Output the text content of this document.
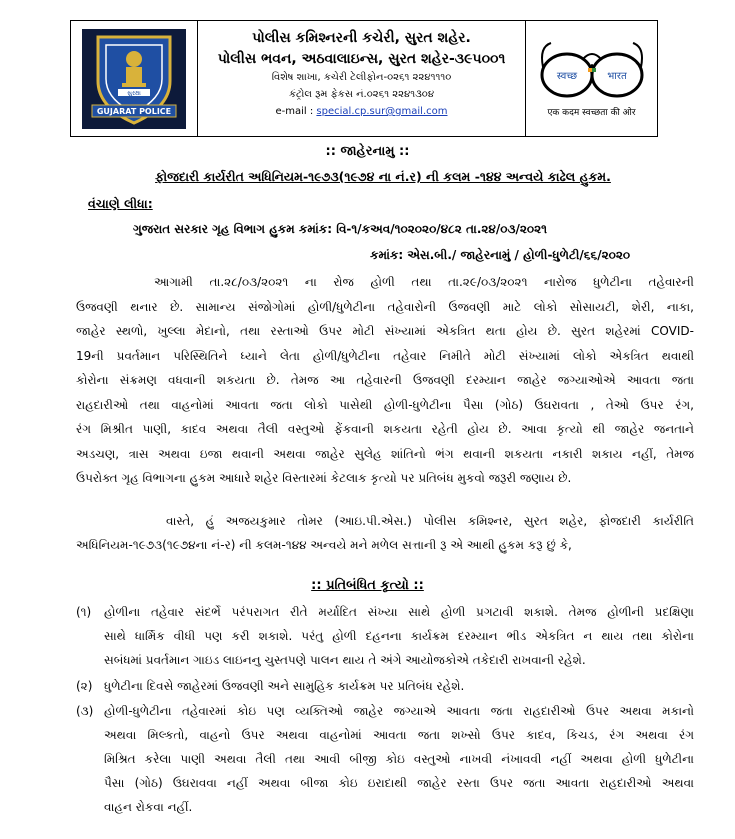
સુરક્ષા
GUJARAT POLICE
પોલીસ કમિશ્નરની કચેરી, સુરત શહેર.
પોલીસ ભવન, અઠવાલાઇન્સ, સુરત શહેર-૩૯૫૦૦૧
વિશેષ શાખા, કચેરી ટેલીફોન-૦૨૬૧ ૨૨૪૧૧૧૦
કંટ્રોલ રૂમ ફેકસ નં.૦૨૬૧ ૨૨૪૧૩૦૪
e-mail : special.cp.sur@gmail.com
स्वच्छ	भारत
एक कदम स्वच्छता की ओर
:: જાહેરનામુ ::
ફોજદારી કાર્યરીત અધિનિયમ-૧૯૭૩(૧૯૭૪ ના નં.ર) ની કલમ -૧૪૪ અન્વયે કાઢેલ હુકમ.
વંચાણે લીધા:
ગુજરાત સરકાર ગૃહ વિભાગ હુકમ કમાંક: વિ-૧/કઅવ/૧૦૨૦૨૦/૪૮૨ તા.૨૪/૦૩/૨૦૨૧
કમાંક: એસ.બી./ જાહેરનામું / હોળી-ધુળેટી/૬૬/૨૦૨૦
આગામી તા.૨૮/૦૩/૨૦૨૧ ના રોજ હોળી તથા તા.૨૯/૦૩/૨૦૨૧ નારોજ ધુળેટીના તહેવારની
ઉજવણી થનાર છે. સામાન્ય સંજોગોમાં હોળી/ધુળેટીના તહેવારોની ઉજવણી માટે લોકો સોસાયટી, શેરી, નાકા,
જાહેર સ્થળો, ખુલ્લા મેદાનો, તથા રસ્તાઓ ઉપર મોટી સંખ્યામાં એકત્રિત થતા હોય છે. સુરત શહેરમાં COVID-
19ની પ્રવર્તમાન પરિસ્થિતિને ધ્યાને લેતા હોળી/ધુળેટીના તહેવાર નિમીતે મોટી સંખ્યામાં લોકો એકત્રિત થવાથી
કોરોના સંક્રમણ વધવાની શકયતા છે. તેમજ આ તહેવારની ઉજવણી દરમ્યાન જાહેર જગ્યાઓએ આવતા જતા
રાહદારીઓ તથા વાહનોમાં આવતા જતા લોકો પાસેથી હોળી-ધુળેટીના પૈસા (ગોઠ) ઉઘરાવતા , તેઓ ઉપર રંગ,
રંગ મિશ્રીત પાણી, કાદવ અથવા તૈલી વસ્તુઓ ફેંકવાની શકયતા રહેતી હોય છે. આવા કૃત્યો થી જાહેર જનતાને
અડચણ, ત્રાસ અથવા ઇજા થવાની અથવા જાહેર સુલેહ શાંતિનો ભંગ થવાની શકયતા નકારી શકાય નહીં, તેમજ
ઉપરોક્ત ગૃહ વિભાગના હુકમ આધારે શહેર વિસ્તારમાં કેટલાક કૃત્યો પર પ્રતિબંધ મુકવો જરૂરી જણાય છે.
વાસ્તે, હું અજયકુમાર તોમર (આઇ.પી.એસ.) પોલીસ કમિશ્નર, સુરત શહેર, ફોજદારી કાર્યરીતિ
અધિનિયમ-૧૯૭૩(૧૯૭૪ના નં-ર) ની કલમ-૧૪૪ અન્વયે મને મળેલ સત્તાની રૂ એ આથી હુકમ કરૂ છું કે,
:: પ્રતિબંધિત કૃત્યો ::
(૧) હોળીના તહેવાર સંદર્ભે પરંપરાગત રીતે મર્યાદિત સંખ્યા સાથે હોળી પ્રગટાવી શકાશે. તેમજ હોળીની પ્રદક્ષિણા
સાથે ધાર્મિક વીધી પણ કરી શકાશે. પરંતુ હોળી દહનના કાર્યક્રમ દરમ્યાન ભીડ એકત્રિત ન થાય તથા કોરોના
સબંધમાં પ્રવર્તમાન ગાઇડ લાઇનનુ ચુસ્તપણે પાલન થાય તે અંગે આયોજકોએ તકેદારી રાખવાની રહેશે.
(૨) ધુળેટીના દિવસે જાહેરમાં ઉજવણી અને સામુહિક કાર્યક્રમ પર પ્રતિબંધ રહેશે.
(૩) હોળી-ધુળેટીના તહેવારમાં કોઇ પણ વ્યક્તિઓ જાહેર જગ્યાએ આવતા જતા રાહદારીઓ ઉપર અથવા મકાનો
અથવા મિલ્કતો, વાહનો ઉપર અથવા વાહનોમાં આવતા જતા શખ્સો ઉપર કાદવ, કિચડ, રંગ અથવા રંગ
મિશ્રિત કરેલા પાણી અથવા તૈલી તથા આવી બીજી કોઇ વસ્તુઓ નાખવી નંખાવવી નહીં અથવા હોળી ધુળેટીના
પૈસા (ગોઠ) ઉઘરાવવા નહીં અથવા બીજા કોઇ ઇરાદાથી જાહેર રસ્તા ઉપર જતા આવતા રાહદારીઓ અથવા
વાહન રોકવા નહીં.
